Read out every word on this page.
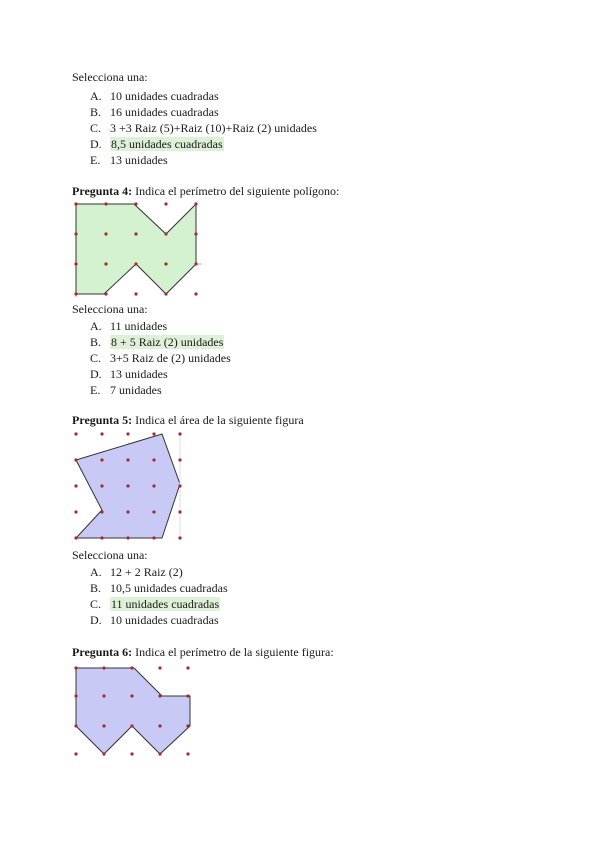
Selecciona una:
A. 10 unidades cuadradas
B. 16 unidades cuadradas
C. 3 +3 Raiz (5)+Raiz (10)+Raiz (2) unidades
D. 8,5 unidades cuadradas
E. 13 unidades
Pregunta 4: Indica el perímetro del siguiente polígono:
Selecciona una:
A. 11 unidades
B. 8 + 5 Raiz (2) unidades
C. 3+5 Raiz de (2) unidades
D. 13 unidades
E. 7 unidades
Pregunta 5: Indica el área de la siguiente figura
Selecciona una:
A. 12 + 2 Raiz (2)
B. 10,5 unidades cuadradas
C. 11 unidades cuadradas
D. 10 unidades cuadradas
Pregunta 6: Indica el perímetro de la siguiente figura:
